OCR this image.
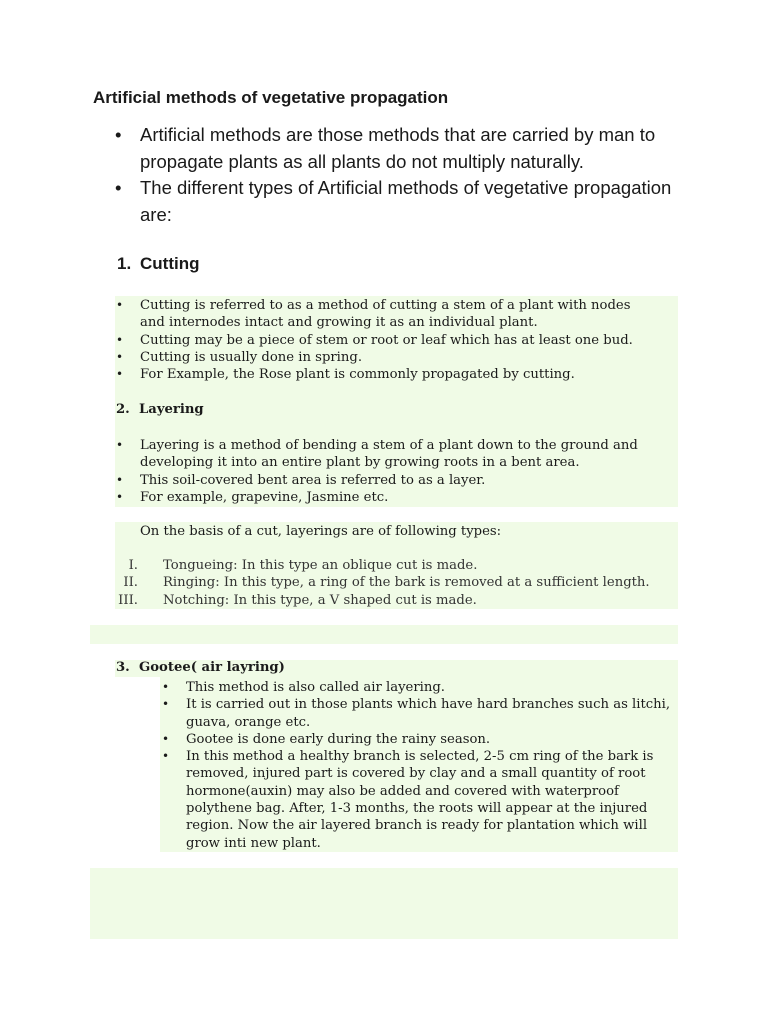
Artificial methods of vegetative propagation
• Artificial methods are those methods that are carried by man to propagate plants as all plants do not multiply naturally.
• The different types of Artificial methods of vegetative propagation are:
1. Cutting
• Cutting is referred to as a method of cutting a stem of a plant with nodes and internodes intact and growing it as an individual plant.
• Cutting may be a piece of stem or root or leaf which has at least one bud.
• Cutting is usually done in spring.
• For Example, the Rose plant is commonly propagated by cutting.
2. Layering
• Layering is a method of bending a stem of a plant down to the ground and developing it into an entire plant by growing roots in a bent area.
• This soil-covered bent area is referred to as a layer.
• For example, grapevine, Jasmine etc.
On the basis of a cut, layerings are of following types:
I. Tongueing: In this type an oblique cut is made.
II. Ringing: In this type, a ring of the bark is removed at a sufficient length.
III. Notching: In this type, a V shaped cut is made.
3. Gootee( air layring)
• This method is also called air layering.
• It is carried out in those plants which have hard branches such as litchi, guava, orange etc.
• Gootee is done early during the rainy season.
• In this method a healthy branch is selected, 2-5 cm ring of the bark is removed, injured part is covered by clay and a small quantity of root hormone(auxin) may also be added and covered with waterproof polythene bag. After, 1-3 months, the roots will appear at the injured region. Now the air layered branch is ready for plantation which will grow inti new plant.
